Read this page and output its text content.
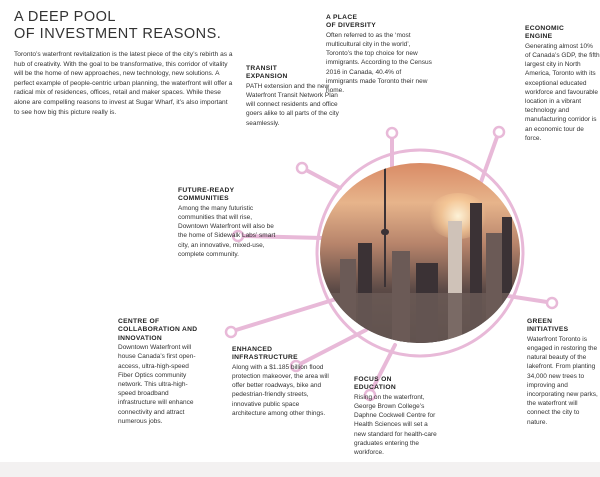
A DEEP POOL
OF INVESTMENT REASONS.

Toronto’s waterfront revitalization is the latest piece of the city’s rebirth as a hub of creativity. With the goal to be transformative, this corridor of vitality will be the home of new approaches, new technology, new solutions. A perfect example of people-centric urban planning, the waterfront will offer a radical mix of residences, offices, retail and maker spaces. While these alone are compelling reasons to invest at Sugar Wharf, it’s also important to see how big this picture really is.

A PLACE
OF DIVERSITY

Often referred to as the ‘most multicultural city in the world’, Toronto’s the top choice for new immigrants. According to the Census 2016 in Canada, 40.4% of immigrants made Toronto their new home.

TRANSIT
EXPANSION

PATH extension and the new Waterfront Transit Network Plan will connect residents and office goers alike to all parts of the city seamlessly.

ECONOMIC
ENGINE

Generating almost 10% of Canada’s GDP, the fifth largest city in North America, Toronto with its exceptional educated workforce and favourable location in a vibrant technology and manufacturing corridor is an economic tour de force.

FUTURE-READY
COMMUNITIES

Among the many futuristic communities that will rise, Downtown Waterfront will also be the home of Sidewalk Labs’ smart city, an innovative, mixed-use, complete community.

CENTRE OF
COLLABORATION AND
INNOVATION

Downtown Waterfront will house Canada’s first open-access, ultra-high-speed Fiber Optics community network. This ultra-high-speed broadband infrastructure will enhance connectivity and attract numerous jobs.

ENHANCED
INFRASTRUCTURE

Along with a $1.185 billion flood protection makeover, the area will offer better roadways, bike and pedestrian-friendly streets, innovative public space architecture among other things.

FOCUS ON
EDUCATION

Rising on the waterfront, George Brown College’s Daphne Cockwell Centre for Health Sciences will set a new standard for health-care graduates entering the workforce.

GREEN
INITIATIVES

Waterfront Toronto is engaged in restoring the natural beauty of the lakefront. From planting 34,000 new trees to improving and incorporating new parks, the waterfront will connect the city to nature.
